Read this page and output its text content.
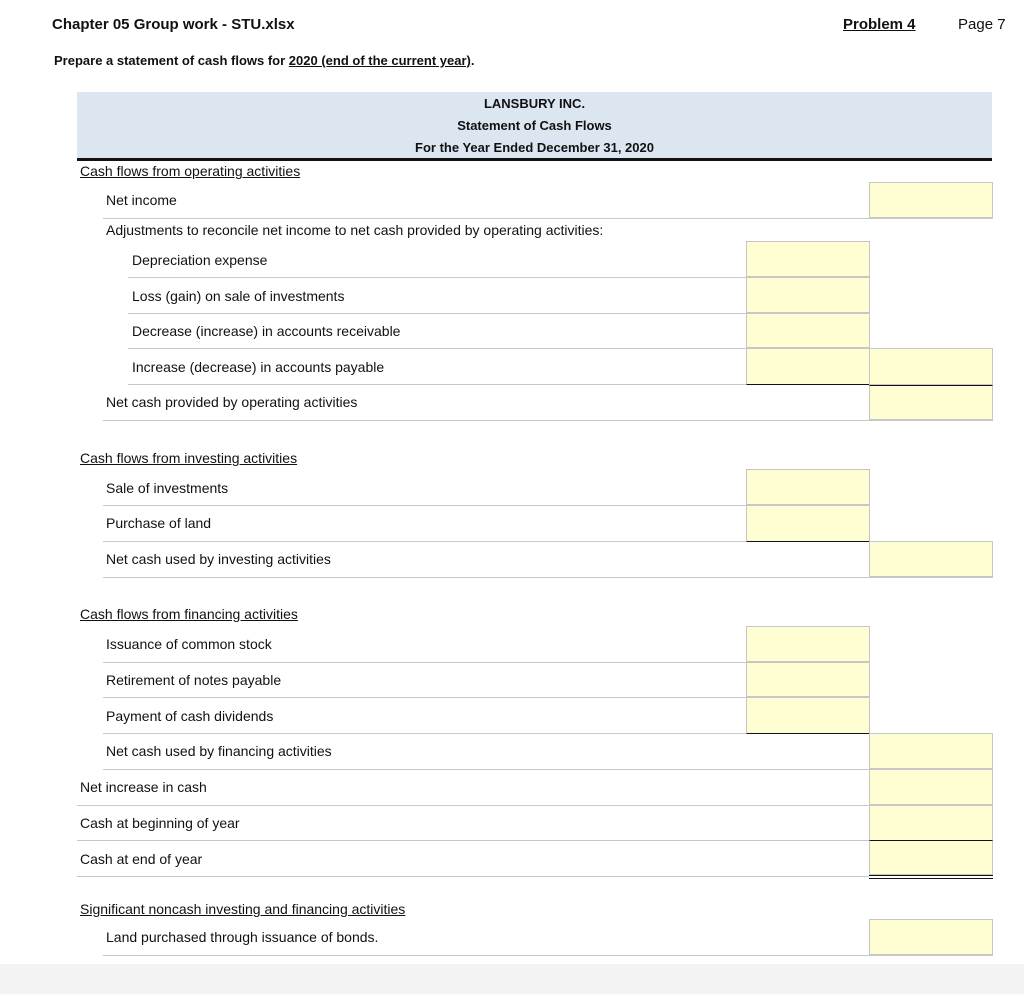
Chapter 05 Group work - STU.xlsx	Problem 4	Page 7
Prepare a statement of cash flows for 2020 (end of the current year).
LANSBURY INC.
Statement of Cash Flows
For the Year Ended December 31, 2020
Cash flows from operating activities
Net income
Adjustments to reconcile net income to net cash provided by operating activities:
Depreciation expense
Loss (gain) on sale of investments
Decrease (increase) in accounts receivable
Increase (decrease) in accounts payable
Net cash provided by operating activities
Cash flows from investing activities
Sale of investments
Purchase of land
Net cash used by investing activities
Cash flows from financing activities
Issuance of common stock
Retirement of notes payable
Payment of cash dividends
Net cash used by financing activities
Net increase in cash
Cash at beginning of year
Cash at end of year
Significant noncash investing and financing activities
Land purchased through issuance of bonds.
